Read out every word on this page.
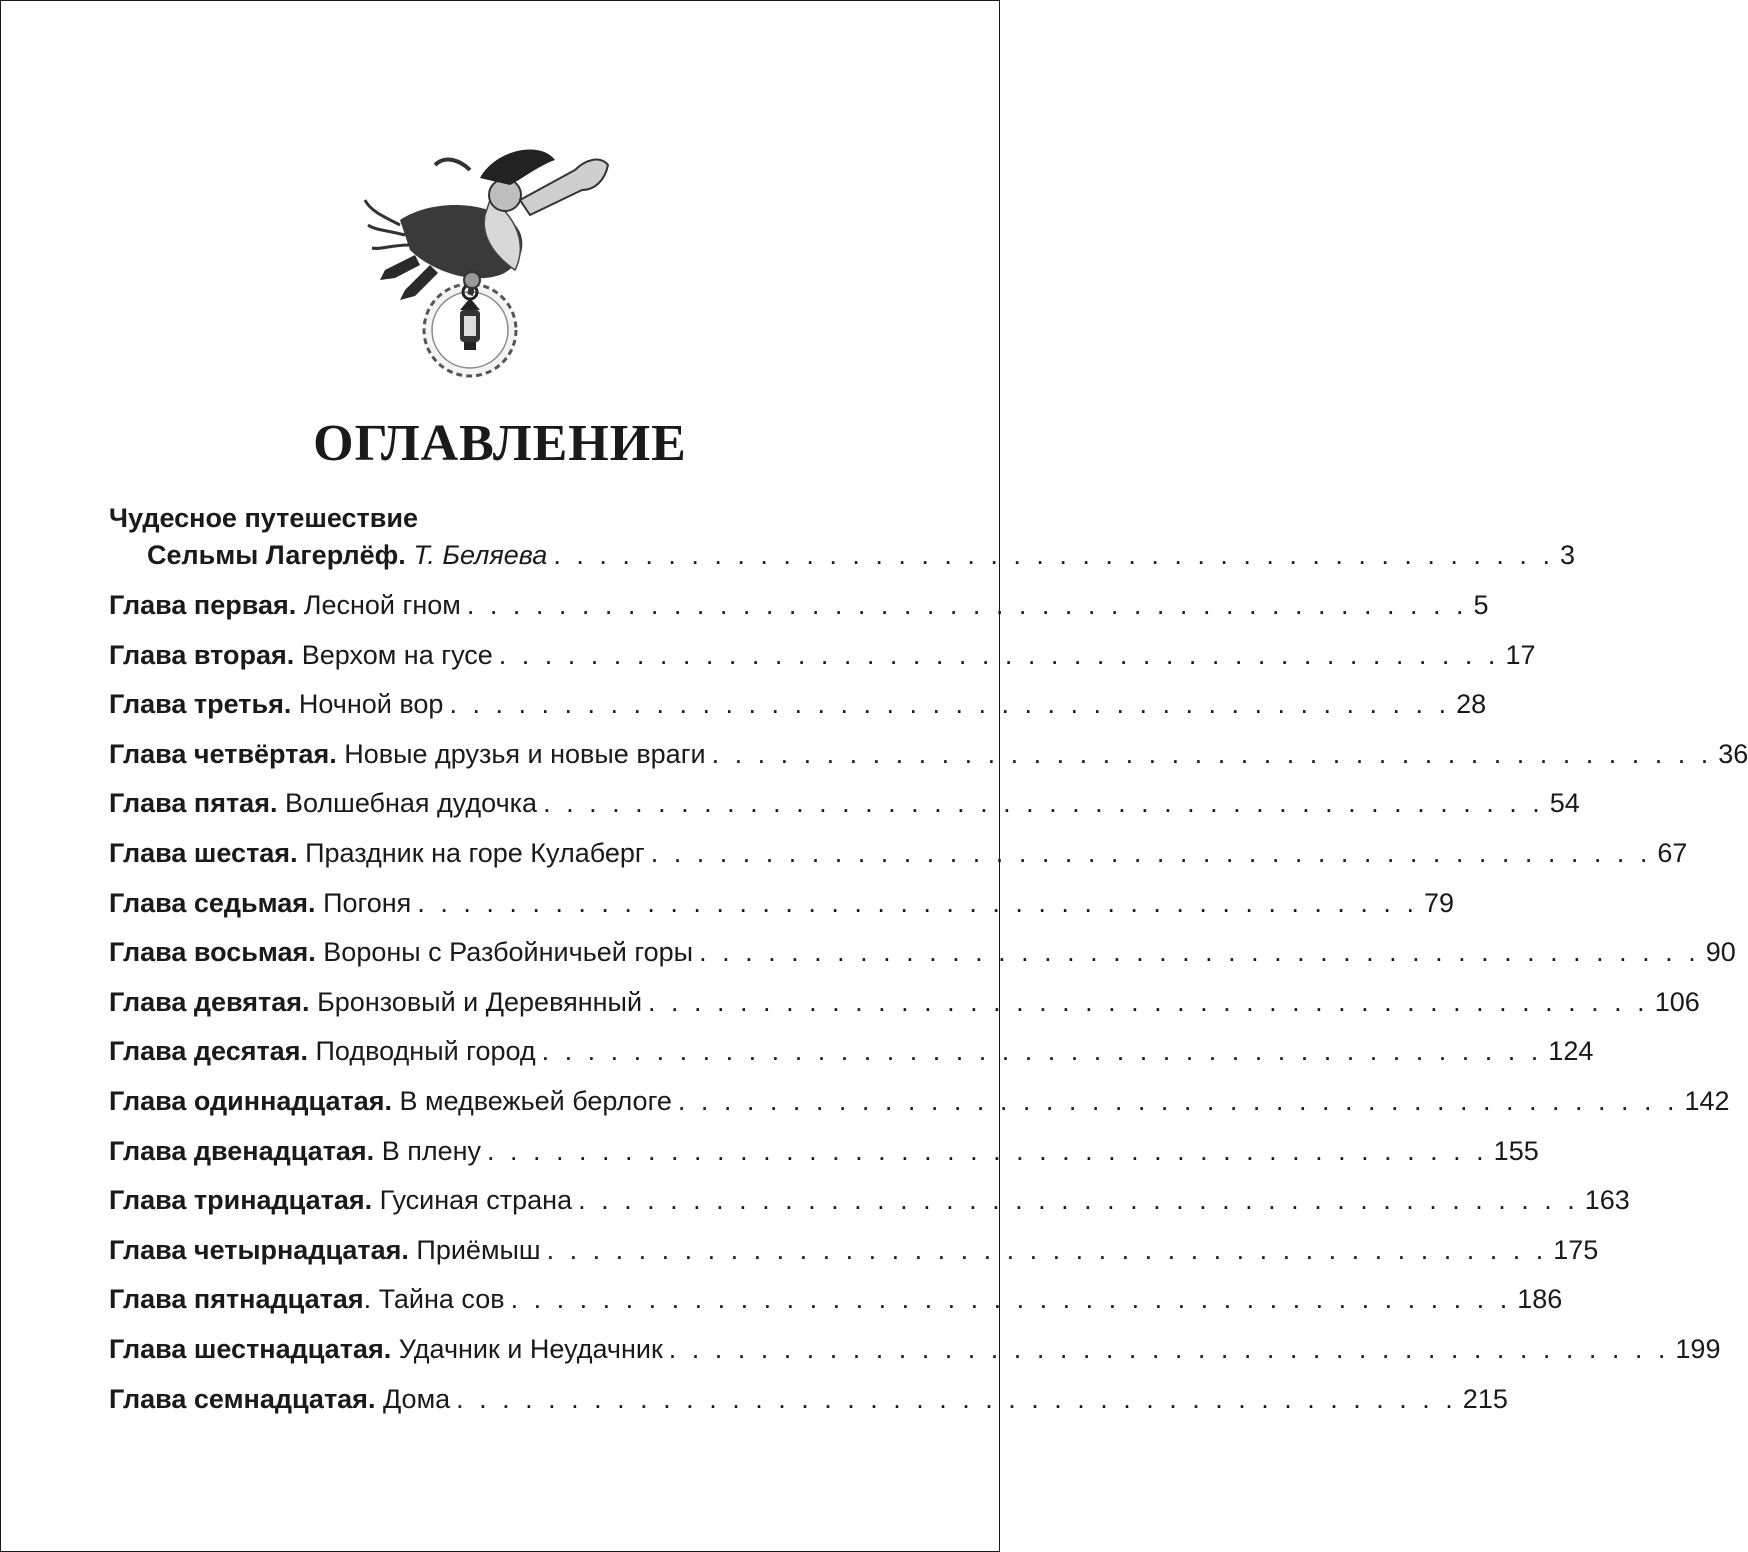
ОГЛАВЛЕНИЕ
Чудесное путешествие
Сельмы Лагерлёф.
Т. Беляева . . . . . . . . . . . . . . . . . . . . . . . . . . . . . . . . . . . . . . . . . . . . 3
Глава первая.
Лесной гном . . . . . . . . . . . . . . . . . . . . . . . . . . . . . . . . . . . . . . . . . . . . 5
Глава вторая.
Верхом на гусе . . . . . . . . . . . . . . . . . . . . . . . . . . . . . . . . . . . . . . . . . . . . 17
Глава третья.
Ночной вор . . . . . . . . . . . . . . . . . . . . . . . . . . . . . . . . . . . . . . . . . . . . 28
Глава четвёртая.
Новые друзья и новые враги . . . . . . . . . . . . . . . . . . . . . . . . . . . . . . . . . . . . . . . . . . . . 36
Глава пятая.
Волшебная дудочка . . . . . . . . . . . . . . . . . . . . . . . . . . . . . . . . . . . . . . . . . . . . 54
Глава шестая.
Праздник на горе Кулаберг . . . . . . . . . . . . . . . . . . . . . . . . . . . . . . . . . . . . . . . . . . . . 67
Глава седьмая.
Погоня . . . . . . . . . . . . . . . . . . . . . . . . . . . . . . . . . . . . . . . . . . . . 79
Глава восьмая.
Вороны с Разбойничьей горы . . . . . . . . . . . . . . . . . . . . . . . . . . . . . . . . . . . . . . . . . . . . 90
Глава девятая.
Бронзовый и Деревянный . . . . . . . . . . . . . . . . . . . . . . . . . . . . . . . . . . . . . . . . . . . . 106
Глава десятая.
Подводный город . . . . . . . . . . . . . . . . . . . . . . . . . . . . . . . . . . . . . . . . . . . . 124
Глава одиннадцатая.
В медвежьей берлоге . . . . . . . . . . . . . . . . . . . . . . . . . . . . . . . . . . . . . . . . . . . . 142
Глава двенадцатая.
В плену . . . . . . . . . . . . . . . . . . . . . . . . . . . . . . . . . . . . . . . . . . . . 155
Глава тринадцатая.
Гусиная страна . . . . . . . . . . . . . . . . . . . . . . . . . . . . . . . . . . . . . . . . . . . . 163
Глава четырнадцатая.
Приёмыш . . . . . . . . . . . . . . . . . . . . . . . . . . . . . . . . . . . . . . . . . . . . 175
Глава пятнадцатая . Тайна сов . . . . . . . . . . . . . . . . . . . . . . . . . . . . . . . . . . . . . . . . . . . . 186
Глава шестнадцатая.
Удачник и Неудачник . . . . . . . . . . . . . . . . . . . . . . . . . . . . . . . . . . . . . . . . . . . . 199
Глава семнадцатая.
Дома . . . . . . . . . . . . . . . . . . . . . . . . . . . . . . . . . . . . . . . . . . . . 215
